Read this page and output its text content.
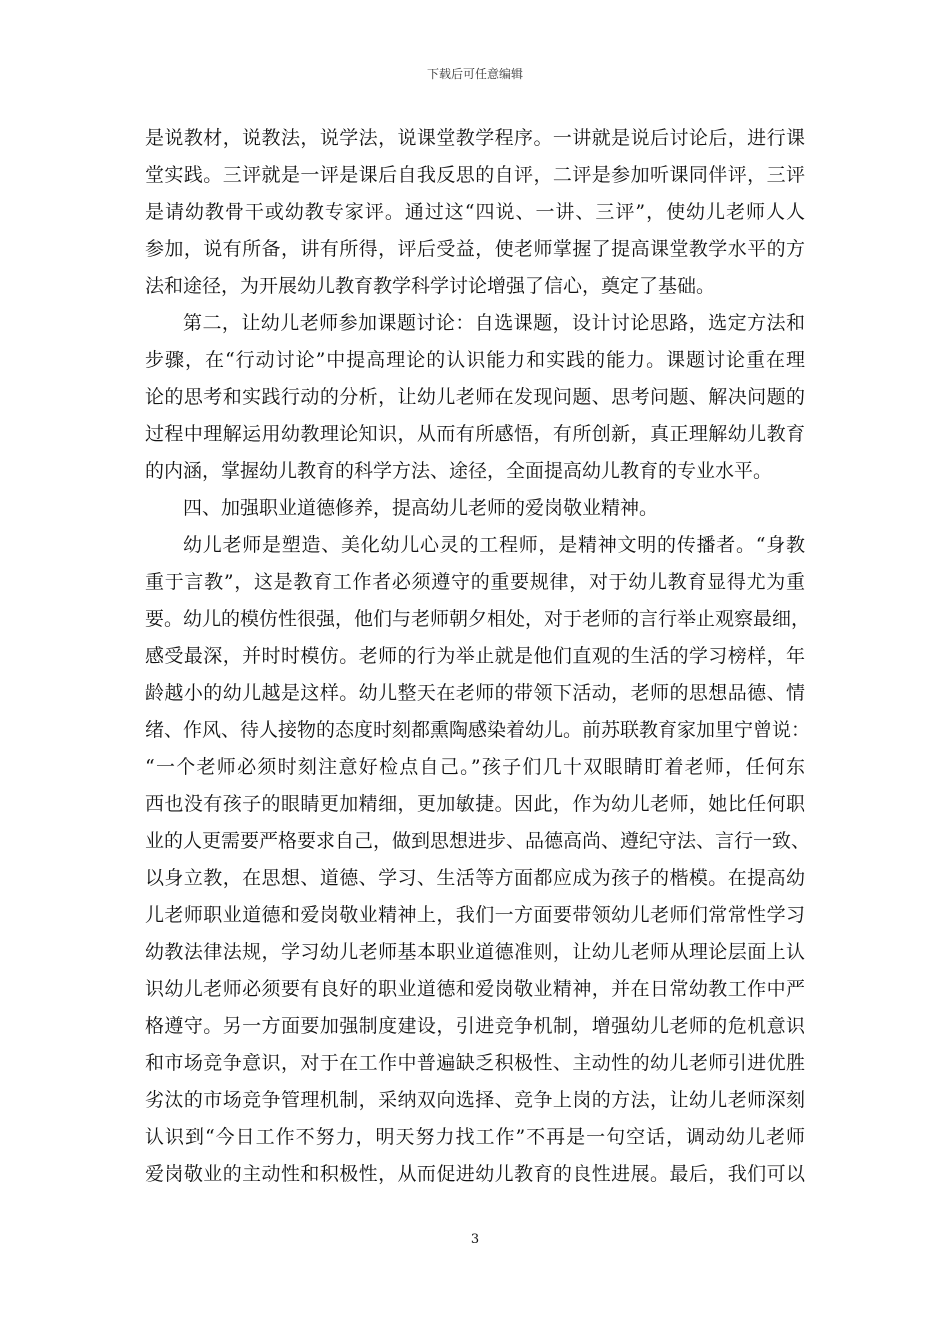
下载后可任意编辑
是说教材，说教法，说学法，说课堂教学程序。一讲就是说后讨论后，进行课
堂实践。三评就是一评是课后自我反思的自评，二评是参加听课同伴评，三评
是请幼教骨干或幼教专家评。通过这“四说、一讲、三评”，使幼儿老师人人
参加，说有所备，讲有所得，评后受益，使老师掌握了提高课堂教学水平的方
法和途径，为开展幼儿教育教学科学讨论增强了信心，奠定了基础。
第二，让幼儿老师参加课题讨论：自选课题，设计讨论思路，选定方法和
步骤，在“行动讨论”中提高理论的认识能力和实践的能力。课题讨论重在理
论的思考和实践行动的分析，让幼儿老师在发现问题、思考问题、解决问题的
过程中理解运用幼教理论知识，从而有所感悟，有所创新，真正理解幼儿教育
的内涵，掌握幼儿教育的科学方法、途径，全面提高幼儿教育的专业水平。
四、加强职业道德修养，提高幼儿老师的爱岗敬业精神。
幼儿老师是塑造、美化幼儿心灵的工程师，是精神文明的传播者。“身教
重于言教”，这是教育工作者必须遵守的重要规律，对于幼儿教育显得尤为重
要。幼儿的模仿性很强，他们与老师朝夕相处，对于老师的言行举止观察最细，
感受最深，并时时模仿。老师的行为举止就是他们直观的生活的学习榜样，年
龄越小的幼儿越是这样。幼儿整天在老师的带领下活动，老师的思想品德、情
绪、作风、待人接物的态度时刻都熏陶感染着幼儿。前苏联教育家加里宁曾说：
“一个老师必须时刻注意好检点自己。”孩子们几十双眼睛盯着老师，任何东
西也没有孩子的眼睛更加精细，更加敏捷。因此，作为幼儿老师，她比任何职
业的人更需要严格要求自己，做到思想进步、品德高尚、遵纪守法、言行一致、
以身立教，在思想、道德、学习、生活等方面都应成为孩子的楷模。在提高幼
儿老师职业道德和爱岗敬业精神上，我们一方面要带领幼儿老师们常常性学习
幼教法律法规，学习幼儿老师基本职业道德准则，让幼儿老师从理论层面上认
识幼儿老师必须要有良好的职业道德和爱岗敬业精神，并在日常幼教工作中严
格遵守。另一方面要加强制度建设，引进竞争机制，增强幼儿老师的危机意识
和市场竞争意识，对于在工作中普遍缺乏积极性、主动性的幼儿老师引进优胜
劣汰的市场竞争管理机制，采纳双向选择、竞争上岗的方法，让幼儿老师深刻
认识到“今日工作不努力，明天努力找工作”不再是一句空话，调动幼儿老师
爱岗敬业的主动性和积极性，从而促进幼儿教育的良性进展。最后，我们可以
3
